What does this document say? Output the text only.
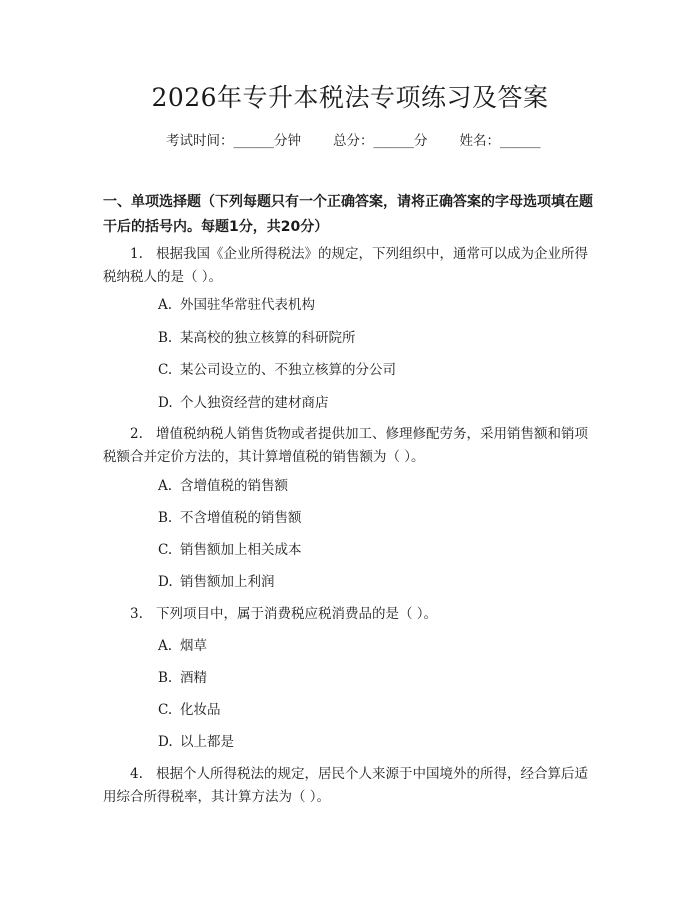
2026年专升本税法专项练习及答案
考试时间：______分钟 总分：______分 姓名：______
一、单项选择题（下列每题只有一个正确答案，请将正确答案的字母选项填在题
干后的括号内。每题1分，共20分）
1. 根据我国《企业所得税法》的规定，下列组织中，通常可以成为企业所得
税纳税人的是（ ）。
A. 外国驻华常驻代表机构
B. 某高校的独立核算的科研院所
C. 某公司设立的、不独立核算的分公司
D. 个人独资经营的建材商店
2. 增值税纳税人销售货物或者提供加工、修理修配劳务，采用销售额和销项
税额合并定价方法的，其计算增值税的销售额为（ ）。
A. 含增值税的销售额
B. 不含增值税的销售额
C. 销售额加上相关成本
D. 销售额加上利润
3. 下列项目中，属于消费税应税消费品的是（ ）。
A. 烟草
B. 酒精
C. 化妆品
D. 以上都是
4. 根据个人所得税法的规定，居民个人来源于中国境外的所得，经合算后适
用综合所得税率，其计算方法为（ ）。
